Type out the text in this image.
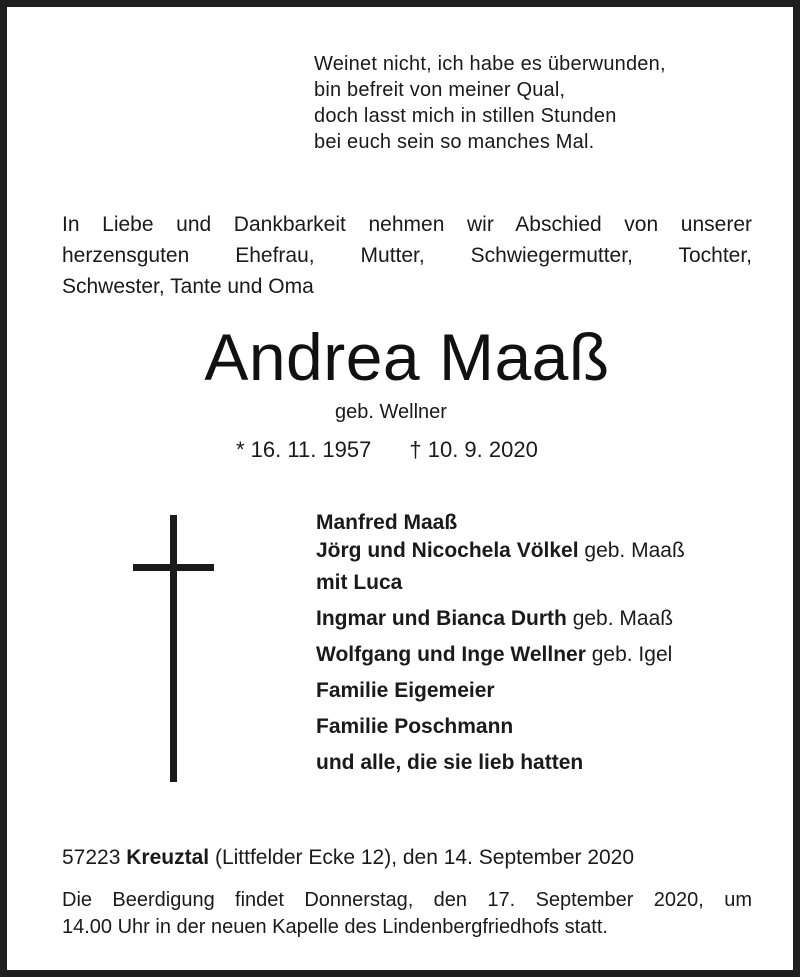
Weinet nicht, ich habe es überwunden,
bin befreit von meiner Qual,
doch lasst mich in stillen Stunden
bei euch sein so manches Mal.
In Liebe und Dankbarkeit nehmen wir Abschied von unserer
herzensguten Ehefrau, Mutter, Schwiegermutter, Tochter,
Schwester, Tante und Oma
Andrea Maaß
geb. Wellner
* 16. 11. 1957 † 10. 9. 2020
Manfred Maaß
Jörg und Nicochela Völkel geb. Maaß
mit Luca
Ingmar und Bianca Durth geb. Maaß
Wolfgang und Inge Wellner geb. Igel
Familie Eigemeier
Familie Poschmann
und alle, die sie lieb hatten
57223 Kreuztal (Littfelder Ecke 12), den 14. September 2020
Die Beerdigung findet Donnerstag, den 17. September 2020, um
14.00 Uhr in der neuen Kapelle des Lindenbergfriedhofs statt.
